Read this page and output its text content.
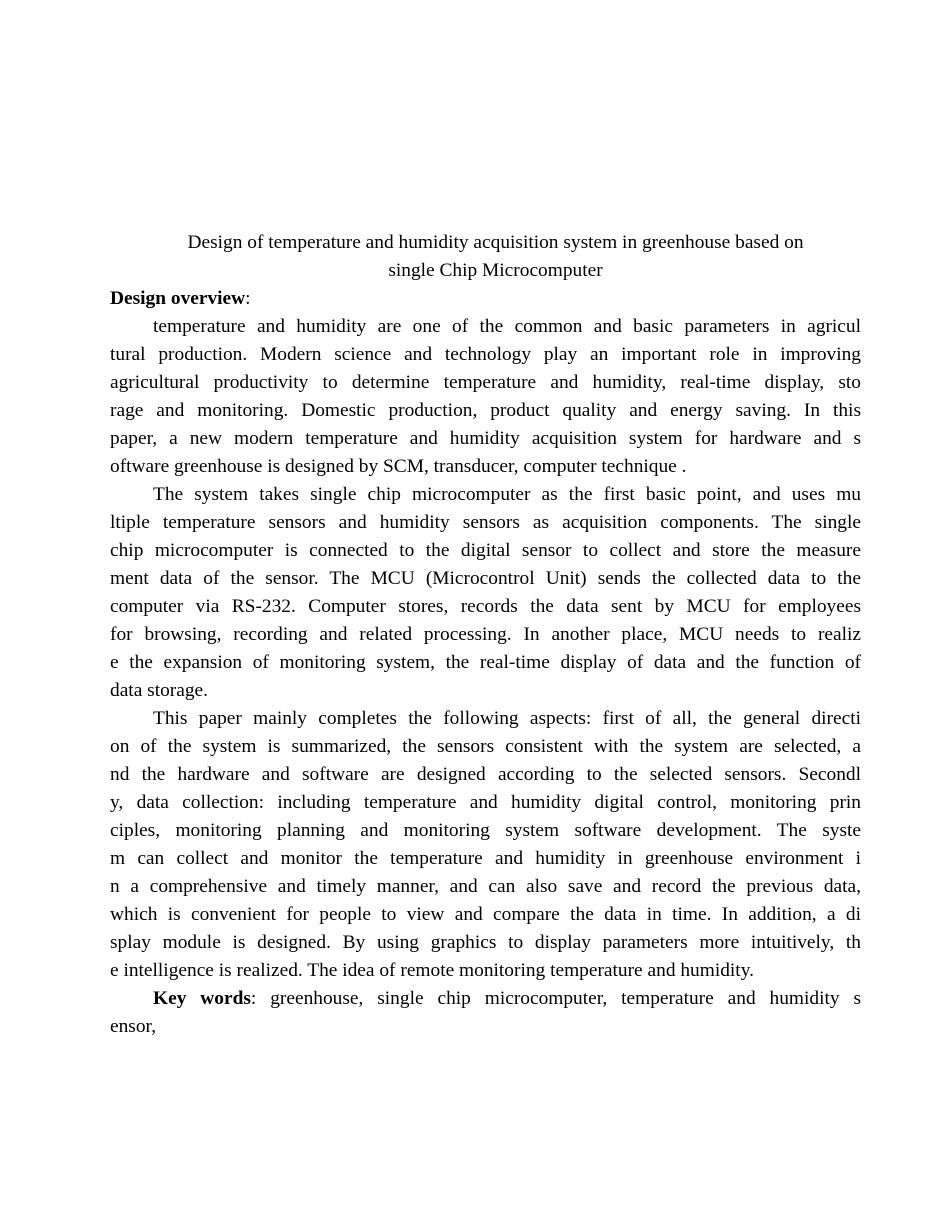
Design of temperature and humidity acquisition system in greenhouse based on
single Chip Microcomputer
Design overview:
temperature and humidity are one of the common and basic parameters in agricul
tural production. Modern science and technology play an important role in improving
agricultural productivity to determine temperature and humidity, real-time display, sto
rage and monitoring. Domestic production, product quality and energy saving. In this
paper, a new modern temperature and humidity acquisition system for hardware and s
oftware greenhouse is designed by SCM, transducer, computer technique .
The system takes single chip microcomputer as the first basic point, and uses mu
ltiple temperature sensors and humidity sensors as acquisition components. The single
chip microcomputer is connected to the digital sensor to collect and store the measure
ment data of the sensor. The MCU (Microcontrol Unit) sends the collected data to the
computer via RS-232. Computer stores, records the data sent by MCU for employees
for browsing, recording and related processing. In another place, MCU needs to realiz
e the expansion of monitoring system, the real-time display of data and the function of
data storage.
This paper mainly completes the following aspects: first of all, the general directi
on of the system is summarized, the sensors consistent with the system are selected, a
nd the hardware and software are designed according to the selected sensors. Secondl
y, data collection: including temperature and humidity digital control, monitoring prin
ciples, monitoring planning and monitoring system software development. The syste
m can collect and monitor the temperature and humidity in greenhouse environment i
n a comprehensive and timely manner, and can also save and record the previous data,
which is convenient for people to view and compare the data in time. In addition, a di
splay module is designed. By using graphics to display parameters more intuitively, th
e intelligence is realized. The idea of remote monitoring temperature and humidity.
Key words: greenhouse, single chip microcomputer, temperature and humidity s
ensor,
